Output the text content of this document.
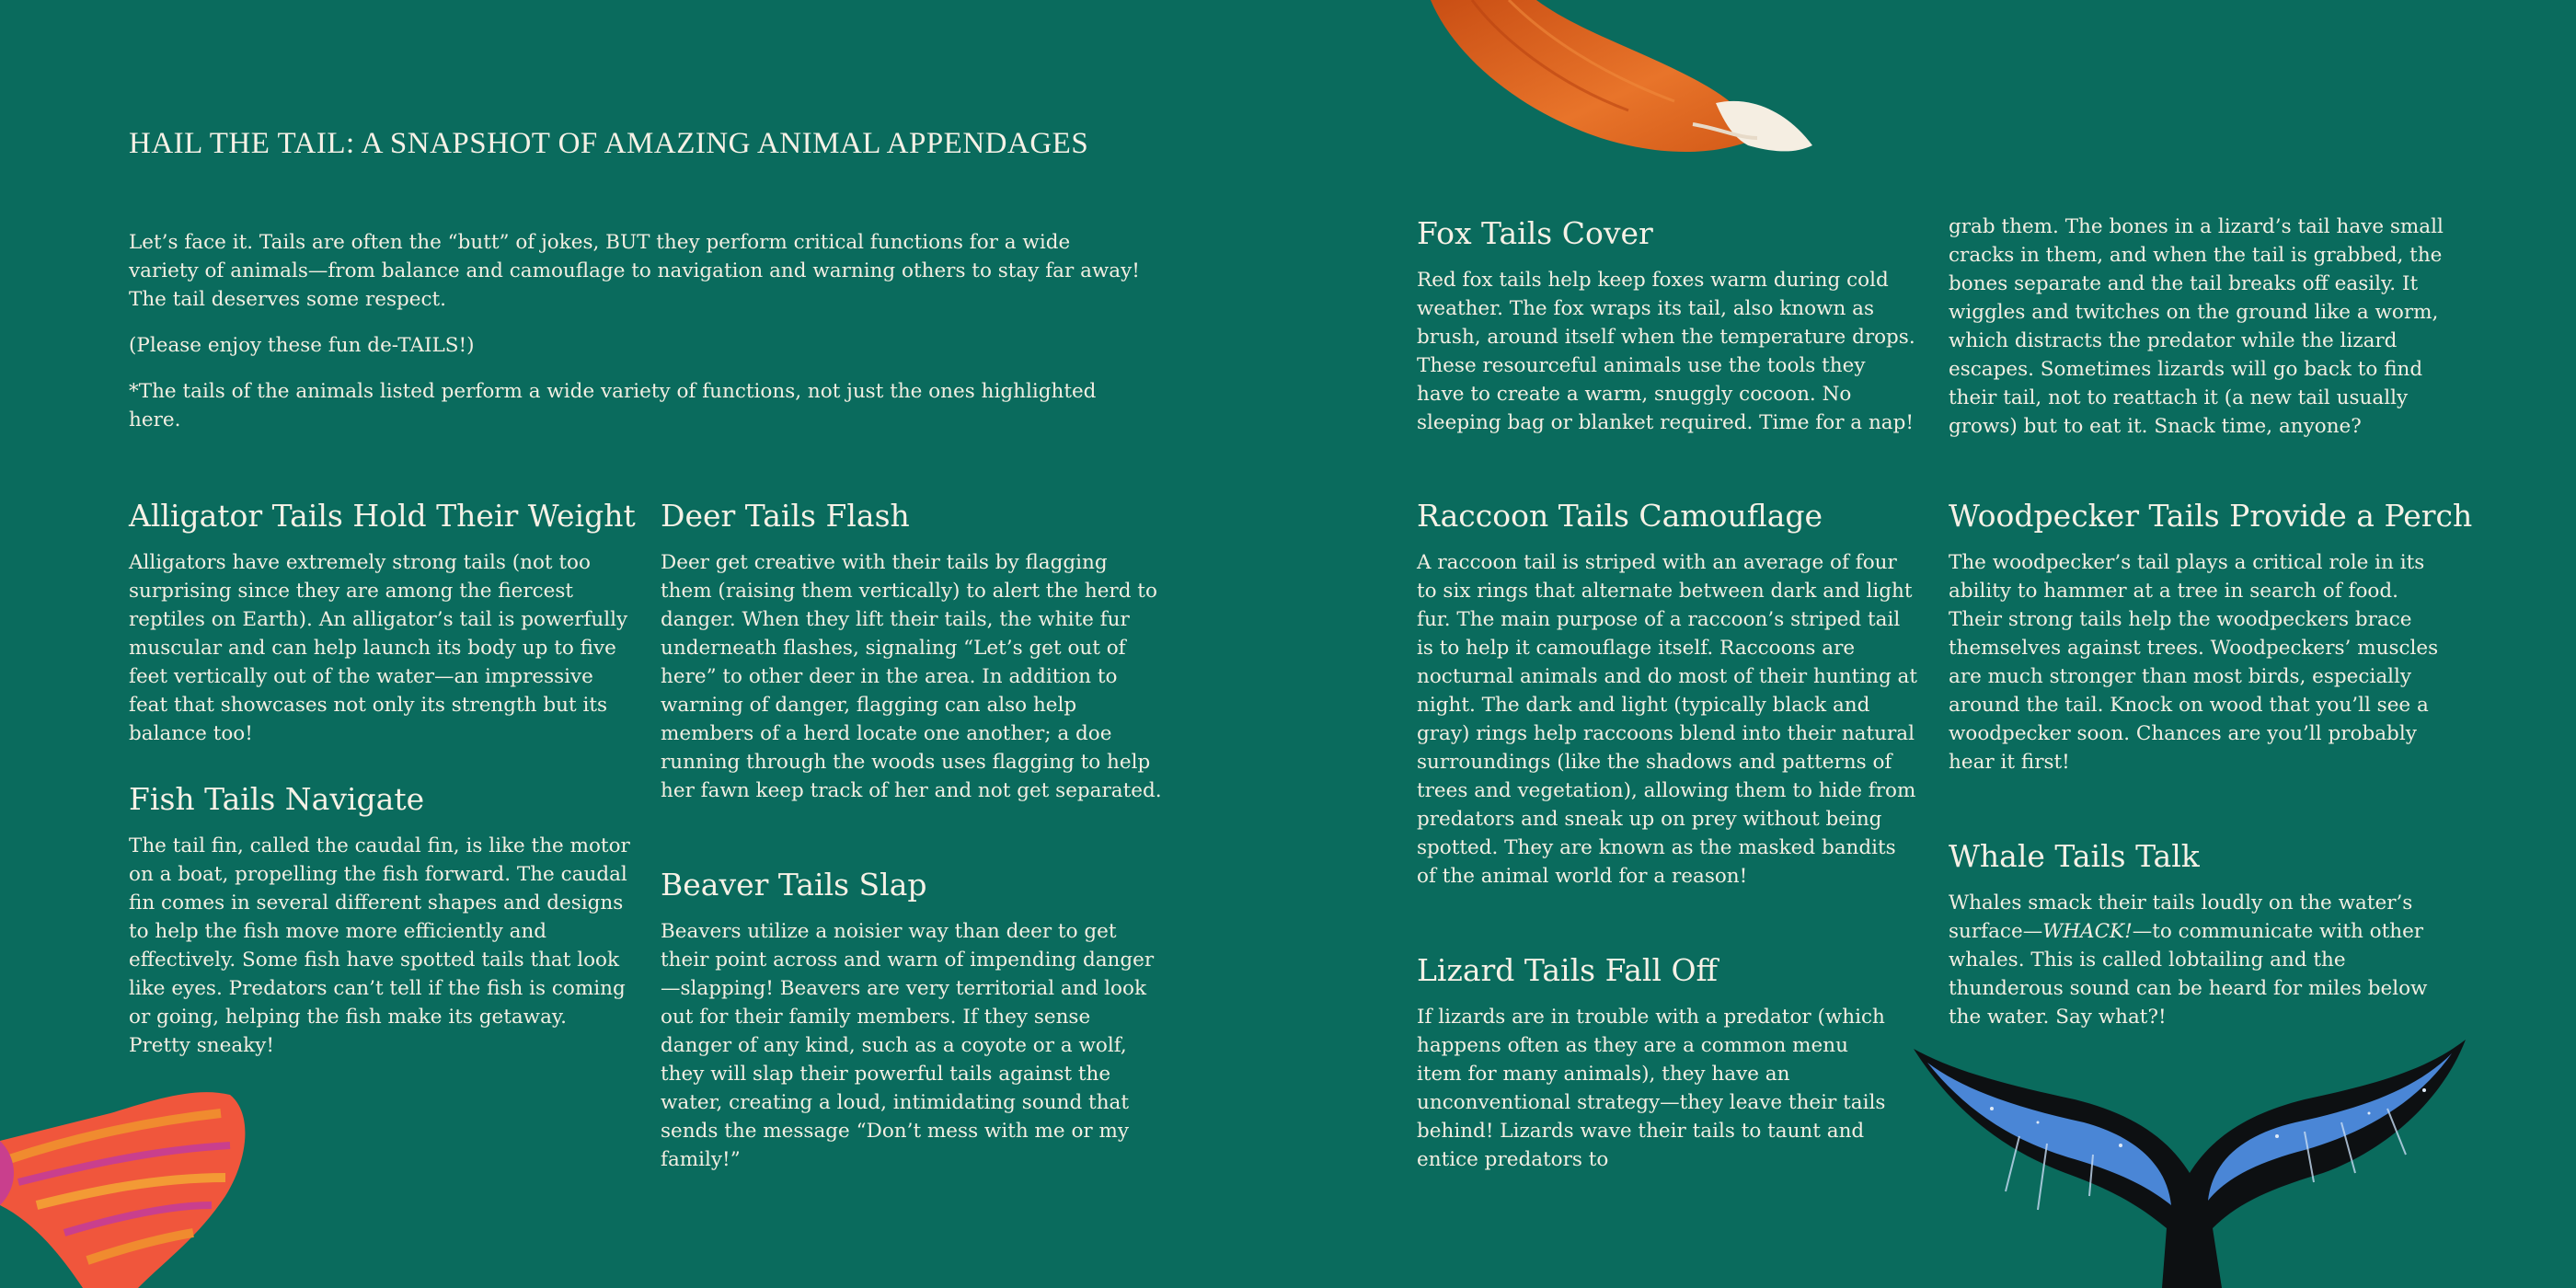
HAIL THE TAIL: A SNAPSHOT OF AMAZING ANIMAL APPENDAGES

Let’s face it. Tails are often the “butt” of jokes, BUT they perform critical functions for a wide variety of animals—from balance and camouflage to navigation and warning others to stay far away! The tail deserves some respect.

(Please enjoy these fun de-TAILS!)

*The tails of the animals listed perform a wide variety of functions, not just the ones highlighted here.

Alligator Tails Hold Their Weight

Alligators have extremely strong tails (not too surprising since they are among the fiercest reptiles on Earth). An alligator’s tail is powerfully muscular and can help launch its body up to five feet vertically out of the water—an impressive feat that showcases not only its strength but its balance too!

Fish Tails Navigate

The tail fin, called the caudal fin, is like the motor on a boat, propelling the fish forward. The caudal fin comes in several different shapes and designs to help the fish move more efficiently and effectively. Some fish have spotted tails that look like eyes. Predators can’t tell if the fish is coming or going, helping the fish make its getaway. Pretty sneaky!

Deer Tails Flash

Deer get creative with their tails by flagging them (raising them vertically) to alert the herd to danger. When they lift their tails, the white fur underneath flashes, signaling “Let’s get out of here” to other deer in the area. In addition to warning of danger, flagging can also help members of a herd locate one another; a doe running through the woods uses flagging to help her fawn keep track of her and not get separated.

Beaver Tails Slap

Beavers utilize a noisier way than deer to get their point across and warn of impending danger—slapping! Beavers are very territorial and look out for their family members. If they sense danger of any kind, such as a coyote or a wolf, they will slap their powerful tails against the water, creating a loud, intimidating sound that sends the message “Don’t mess with me or my family!”

Fox Tails Cover

Red fox tails help keep foxes warm during cold weather. The fox wraps its tail, also known as brush, around itself when the temperature drops. These resourceful animals use the tools they have to create a warm, snuggly cocoon. No sleeping bag or blanket required. Time for a nap!

Raccoon Tails Camouflage

A raccoon tail is striped with an average of four to six rings that alternate between dark and light fur. The main purpose of a raccoon’s striped tail is to help it camouflage itself. Raccoons are nocturnal animals and do most of their hunting at night. The dark and light (typically black and gray) rings help raccoons blend into their natural surroundings (like the shadows and patterns of trees and vegetation), allowing them to hide from predators and sneak up on prey without being spotted. They are known as the masked bandits of the animal world for a reason!

Lizard Tails Fall Off

If lizards are in trouble with a predator (which happens often as they are a common menu item for many animals), they have an unconventional strategy—they leave their tails behind! Lizards wave their tails to taunt and entice predators to

grab them. The bones in a lizard’s tail have small cracks in them, and when the tail is grabbed, the bones separate and the tail breaks off easily. It wiggles and twitches on the ground like a worm, which distracts the predator while the lizard escapes. Sometimes lizards will go back to find their tail, not to reattach it (a new tail usually grows) but to eat it. Snack time, anyone?

Woodpecker Tails Provide a Perch

The woodpecker’s tail plays a critical role in its ability to hammer at a tree in search of food. Their strong tails help the woodpeckers brace themselves against trees. Woodpeckers’ muscles are much stronger than most birds, especially around the tail. Knock on wood that you’ll see a woodpecker soon. Chances are you’ll probably hear it first!

Whale Tails Talk

Whales smack their tails loudly on the water’s surface—WHACK!—to communicate with other whales. This is called lobtailing and the thunderous sound can be heard for miles below the water. Say what?!
